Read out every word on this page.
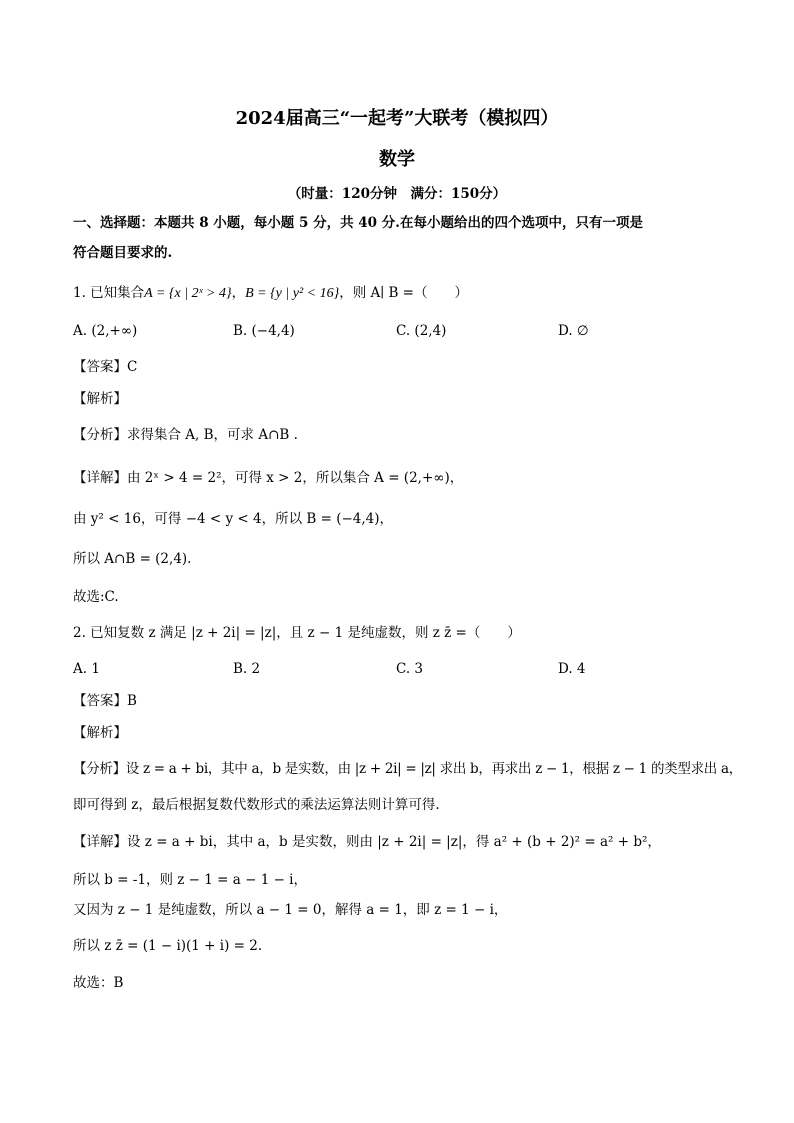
2024届高三“一起考”大联考（模拟四）
数学
（时量：120分钟　满分：150分）
一、选择题：本题共 8 小题，每小题 5 分，共 40 分.在每小题给出的四个选项中，只有一项是
符合题目要求的.
1. 已知集合A = {x | 2ˣ > 4}，B = {y | y² < 16}，则 A∣ B =（　　）
A. (2,+∞)	B. (−4,4)	C. (2,4)	D. ∅
【答案】C
【解析】
【分析】求得集合 A, B，可求 A∩B .
【详解】由 2ˣ > 4 = 2²，可得 x > 2，所以集合 A = (2,+∞)，
由 y² < 16，可得 −4 < y < 4，所以 B = (−4,4)，
所以 A∩B = (2,4).
故选:C.
2. 已知复数 z 满足 |z + 2i| = |z|，且 z − 1 是纯虚数，则 z z̄ =（　　）
A. 1	B. 2	C. 3	D. 4
【答案】B
【解析】
【分析】设 z = a + bi，其中 a，b 是实数，由 |z + 2i| = |z| 求出 b，再求出 z − 1，根据 z − 1 的类型求出 a，
即可得到 z，最后根据复数代数形式的乘法运算法则计算可得.
【详解】设 z = a + bi，其中 a，b 是实数，则由 |z + 2i| = |z|，得 a² + (b + 2)² = a² + b²，
所以 b = -1，则 z − 1 = a − 1 − i，
又因为 z − 1 是纯虚数，所以 a − 1 = 0，解得 a = 1，即 z = 1 − i，
所以 z z̄ = (1 − i)(1 + i) = 2.
故选：B
